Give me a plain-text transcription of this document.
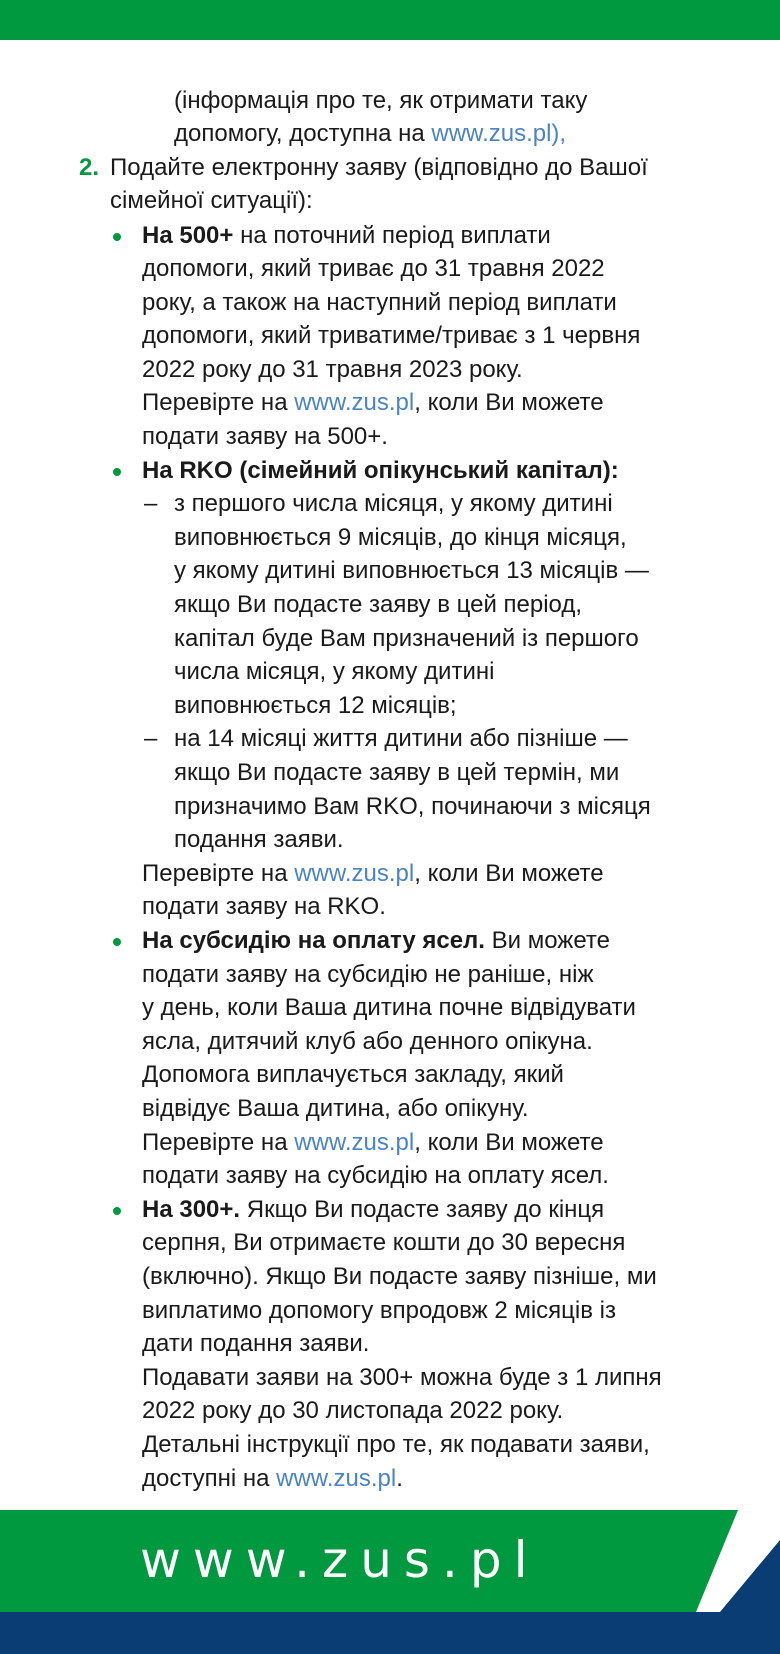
(інформація про те, як отримати таку
допомогу, доступна на www.zus.pl),
2. Подайте електронну заяву (відповідно до Вашої
сімейної ситуації):
На 500+ на поточний період виплати
допомоги, який триває до 31 травня 2022
року, а також на наступний період виплати
допомоги, який триватиме/триває з 1 червня
2022 року до 31 травня 2023 року.
Перевірте на www.zus.pl, коли Ви можете
подати заяву на 500+.
На RKO (сімейний опікунський капітал):
– з першого числа місяця, у якому дитині
виповнюється 9 місяців, до кінця місяця,
у якому дитині виповнюється 13 місяців —
якщо Ви подасте заяву в цей період,
капітал буде Вам призначений із першого
числа місяця, у якому дитині
виповнюється 12 місяців;
– на 14 місяці життя дитини або пізніше —
якщо Ви подасте заяву в цей термін, ми
призначимо Вам RKO, починаючи з місяця
подання заяви.
Перевірте на www.zus.pl, коли Ви можете
подати заяву на RKO.
На субсидію на оплату ясел. Ви можете
подати заяву на субсидію не раніше, ніж
у день, коли Ваша дитина почне відвідувати
ясла, дитячий клуб або денного опікуна.
Допомога виплачується закладу, який
відвідує Ваша дитина, або опікуну.
Перевірте на www.zus.pl, коли Ви можете
подати заяву на субсидію на оплату ясел.
На 300+. Якщо Ви подасте заяву до кінця
серпня, Ви отримаєте кошти до 30 вересня
(включно). Якщо Ви подасте заяву пізніше, ми
виплатимо допомогу впродовж 2 місяців із
дати подання заяви.
Подавати заяви на 300+ можна буде з 1 липня
2022 року до 30 листопада 2022 року.
Детальні інструкції про те, як подавати заяви,
доступні на www.zus.pl.
www.zus.pl
